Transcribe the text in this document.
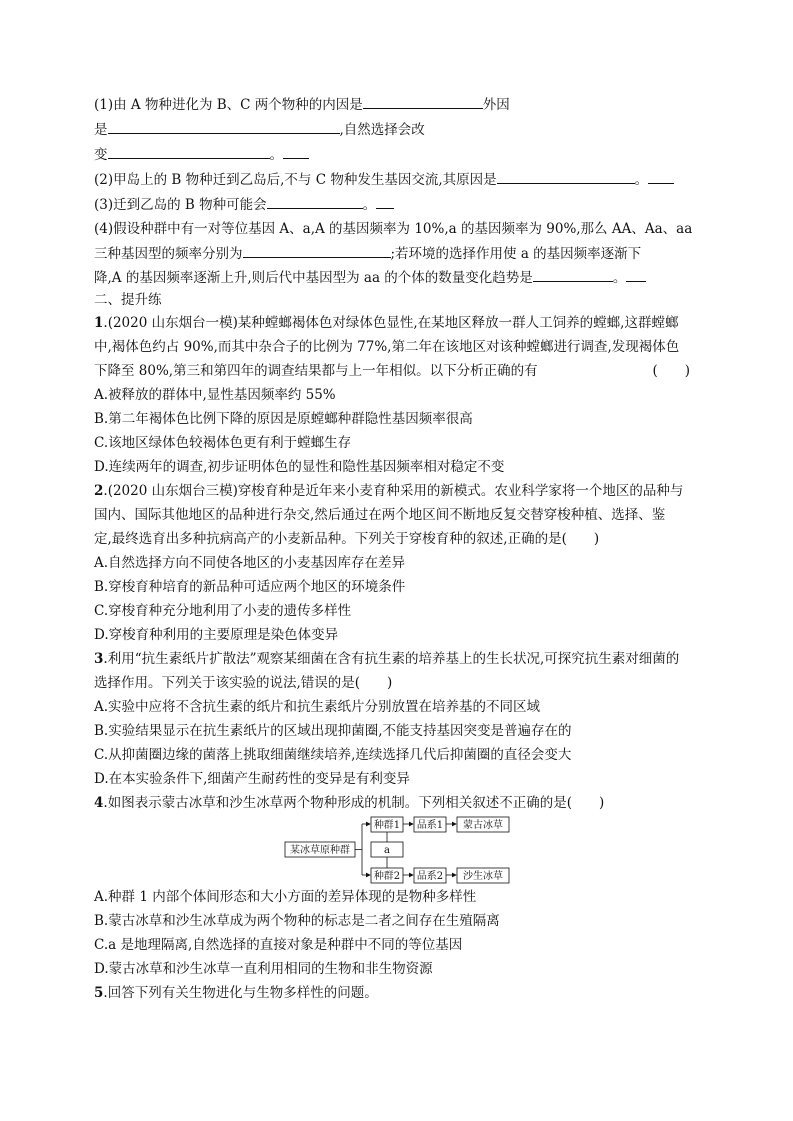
(1)由 A 物种进化为 B、C 两个物种的内因是	外因
是	,自然选择会改
变	。
(2)甲岛上的 B 物种迁到乙岛后,不与 C 物种发生基因交流,其原因是	。
(3)迁到乙岛的 B 物种可能会	。
(4)假设种群中有一对等位基因 A、a,A 的基因频率为 10%,a 的基因频率为 90%,那么 AA、Aa、aa
三种基因型的频率分别为	;若环境的选择作用使 a 的基因频率逐渐下
降,A 的基因频率逐渐上升,则后代中基因型为 aa 的个体的数量变化趋势是	。
二、提升练
1.(2020 山东烟台一模)某种螳螂褐体色对绿体色显性,在某地区释放一群人工饲养的螳螂,这群螳螂
中,褐体色约占 90%,而其中杂合子的比例为 77%,第二年在该地区对该种螳螂进行调查,发现褐体色
下降至 80%,第三和第四年的调查结果都与上一年相似。以下分析正确的有	(　　)
A.被释放的群体中,显性基因频率约 55%
B.第二年褐体色比例下降的原因是原螳螂种群隐性基因频率很高
C.该地区绿体色较褐体色更有利于螳螂生存
D.连续两年的调查,初步证明体色的显性和隐性基因频率相对稳定不变
2.(2020 山东烟台三模)穿梭育种是近年来小麦育种采用的新模式。农业科学家将一个地区的品种与
国内、国际其他地区的品种进行杂交,然后通过在两个地区间不断地反复交替穿梭种植、选择、鉴
定,最终选育出多种抗病高产的小麦新品种。下列关于穿梭育种的叙述,正确的是(　　)
A.自然选择方向不同使各地区的小麦基因库存在差异
B.穿梭育种培育的新品种可适应两个地区的环境条件
C.穿梭育种充分地利用了小麦的遗传多样性
D.穿梭育种利用的主要原理是染色体变异
3.利用“抗生素纸片扩散法”观察某细菌在含有抗生素的培养基上的生长状况,可探究抗生素对细菌的
选择作用。下列关于该实验的说法,错误的是(　　)
A.实验中应将不含抗生素的纸片和抗生素纸片分别放置在培养基的不同区域
B.实验结果显示在抗生素纸片的区域出现抑菌圈,不能支持基因突变是普遍存在的
C.从抑菌圈边缘的菌落上挑取细菌继续培养,连续选择几代后抑菌圈的直径会变大
D.在本实验条件下,细菌产生耐药性的变异是有利变异
4.如图表示蒙古冰草和沙生冰草两个物种形成的机制。下列相关叙述不正确的是(　　)
某冰草原种群
种群1
a
种群2
品系1 蒙古冰草
品系2 沙生冰草
A.种群 1 内部个体间形态和大小方面的差异体现的是物种多样性
B.蒙古冰草和沙生冰草成为两个物种的标志是二者之间存在生殖隔离
C.a 是地理隔离,自然选择的直接对象是种群中不同的等位基因
D.蒙古冰草和沙生冰草一直利用相同的生物和非生物资源
5.回答下列有关生物进化与生物多样性的问题。
